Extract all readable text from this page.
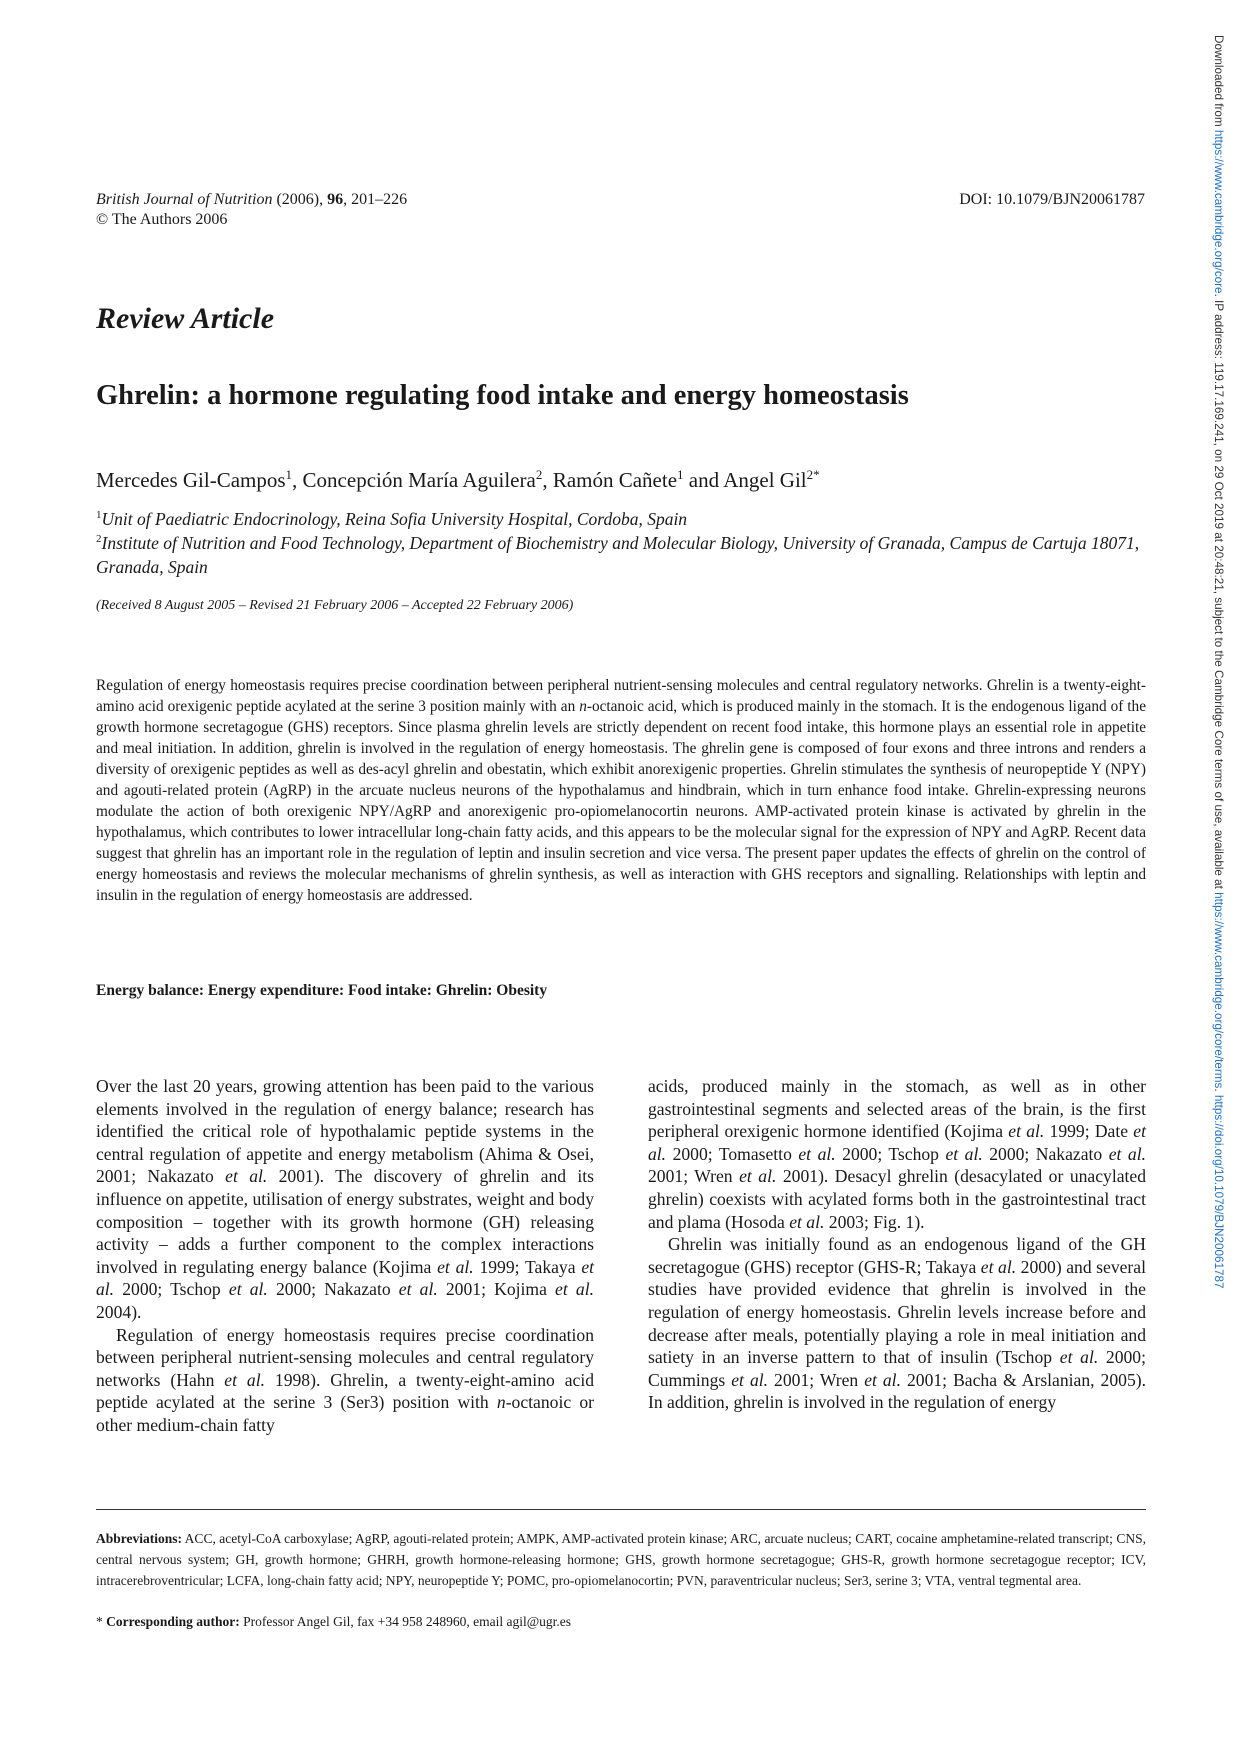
British Journal of Nutrition (2006), 96, 201–226
© The Authors 2006
DOI: 10.1079/BJN20061787
Review Article
Ghrelin: a hormone regulating food intake and energy homeostasis
Mercedes Gil-Campos$^1$, Concepción María Aguilera$^2$, Ramón Cañete$^1$ and Angel Gil$^{2*}$
$^1$Unit of Paediatric Endocrinology, Reina Sofia University Hospital, Cordoba, Spain
$^2$Institute of Nutrition and Food Technology, Department of Biochemistry and Molecular Biology, University of Granada, Campus de Cartuja 18071, Granada, Spain
(Received 8 August 2005 – Revised 21 February 2006 – Accepted 22 February 2006)
Regulation of energy homeostasis requires precise coordination between peripheral nutrient-sensing molecules and central regulatory networks. Ghrelin is a twenty-eight-amino acid orexigenic peptide acylated at the serine 3 position mainly with an n-octanoic acid, which is produced mainly in the stomach. It is the endogenous ligand of the growth hormone secretagogue (GHS) receptors. Since plasma ghrelin levels are strictly dependent on recent food intake, this hormone plays an essential role in appetite and meal initiation. In addition, ghrelin is involved in the regulation of energy homeostasis. The ghrelin gene is composed of four exons and three introns and renders a diversity of orexigenic peptides as well as des-acyl ghrelin and obestatin, which exhibit anorexigenic properties. Ghrelin stimulates the synthesis of neuropeptide Y (NPY) and agouti-related protein (AgRP) in the arcuate nucleus neurons of the hypothalamus and hindbrain, which in turn enhance food intake. Ghrelin-expressing neurons modulate the action of both orexigenic NPY/AgRP and anorexigenic pro-opiomelanocortin neurons. AMP-activated protein kinase is activated by ghrelin in the hypothalamus, which contributes to lower intracellular long-chain fatty acids, and this appears to be the molecular signal for the expression of NPY and AgRP. Recent data suggest that ghrelin has an important role in the regulation of leptin and insulin secretion and vice versa. The present paper updates the effects of ghrelin on the control of energy homeostasis and reviews the molecular mechanisms of ghrelin synthesis, as well as interaction with GHS receptors and signalling. Relationships with leptin and insulin in the regulation of energy homeostasis are addressed.
Energy balance: Energy expenditure: Food intake: Ghrelin: Obesity

Over the last 20 years, growing attention has been paid to the various elements involved in the regulation of energy balance; research has identified the critical role of hypothalamic peptide systems in the central regulation of appetite and energy metabolism (Ahima & Osei, 2001; Nakazato et al. 2001). The discovery of ghrelin and its influence on appetite, utilisation of energy substrates, weight and body composition – together with its growth hormone (GH) releasing activity – adds a further component to the complex interactions involved in regulating energy balance (Kojima et al. 1999; Takaya et al. 2000; Tschop et al. 2000; Nakazato et al. 2001; Kojima et al. 2004).

Regulation of energy homeostasis requires precise coordination between peripheral nutrient-sensing molecules and central regulatory networks (Hahn et al. 1998). Ghrelin, a twenty-eight-amino acid peptide acylated at the serine 3 (Ser3) position with n-octanoic or other medium-chain fatty

acids, produced mainly in the stomach, as well as in other gastrointestinal segments and selected areas of the brain, is the first peripheral orexigenic hormone identified (Kojima et al. 1999; Date et al. 2000; Tomasetto et al. 2000; Tschop et al. 2000; Nakazato et al. 2001; Wren et al. 2001). Desacyl ghrelin (desacylated or unacylated ghrelin) coexists with acylated forms both in the gastrointestinal tract and plama (Hosoda et al. 2003; Fig. 1).

Ghrelin was initially found as an endogenous ligand of the GH secretagogue (GHS) receptor (GHS-R; Takaya et al. 2000) and several studies have provided evidence that ghrelin is involved in the regulation of energy homeostasis. Ghrelin levels increase before and decrease after meals, potentially playing a role in meal initiation and satiety in an inverse pattern to that of insulin (Tschop et al. 2000; Cummings et al. 2001; Wren et al. 2001; Bacha & Arslanian, 2005). In addition, ghrelin is involved in the regulation of energy

Abbreviations: ACC, acetyl-CoA carboxylase; AgRP, agouti-related protein; AMPK, AMP-activated protein kinase; ARC, arcuate nucleus; CART, cocaine amphetamine-related transcript; CNS, central nervous system; GH, growth hormone; GHRH, growth hormone-releasing hormone; GHS, growth hormone secretagogue; GHS-R, growth hormone secretagogue receptor; ICV, intracerebroventricular; LCFA, long-chain fatty acid; NPY, neuropeptide Y; POMC, pro-opiomelanocortin; PVN, paraventricular nucleus; Ser3, serine 3; VTA, ventral tegmental area.
* Corresponding author: Professor Angel Gil, fax +34 958 248960, email agil@ugr.es
Downloaded from https://www.cambridge.org/core. IP address: 119.17.169.241, on 29 Oct 2019 at 20:48:21, subject to the Cambridge Core terms of use, available at https://www.cambridge.org/core/terms. https://doi.org/10.1079/BJN20061787
